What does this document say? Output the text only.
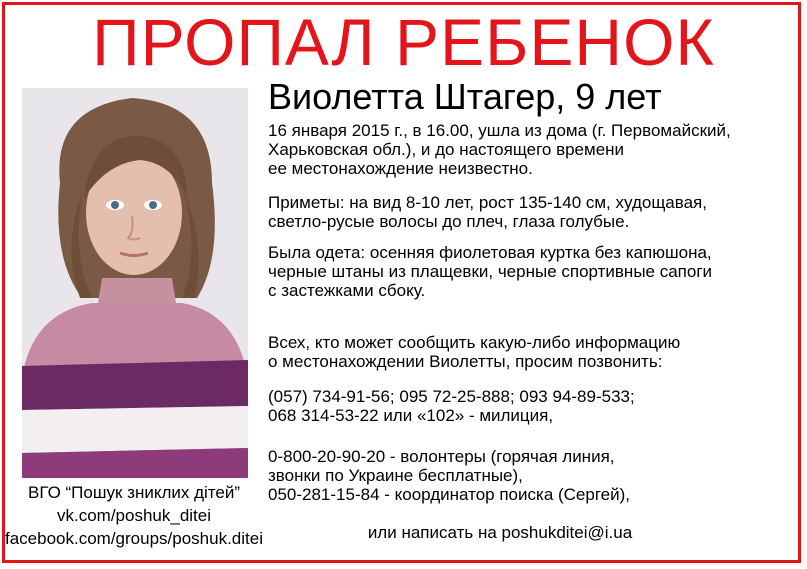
ПРОПАЛ РЕБЕНОК
Виолетта Штагер, 9 лет
16 января 2015 г., в 16.00, ушла из дома (г. Первомайский,
Харьковская обл.), и до настоящего времени
ее местонахождение неизвестно.
Приметы: на вид 8-10 лет, рост 135-140 см, худощавая,
светло-русые волосы до плеч, глаза голубые.
Была одета: осенняя фиолетовая куртка без капюшона,
черные штаны из плащевки, черные спортивные сапоги
с застежками сбоку.
Всех, кто может сообщить какую-либо информацию
о местонахождении Виолетты, просим позвонить:
(057) 734-91-56; 095 72-25-888; 093 94-89-533;
068 314-53-22 или «102» - милиция,
0-800-20-90-20 - волонтеры (горячая линия,
звонки по Украине бесплатные),
050-281-15-84 - координатор поиска (Сергей),
или написать на poshukditei@i.ua
ВГО “Пошук зниклих дітей”
vk.com/poshuk_ditei
facebook.com/groups/poshuk.ditei
